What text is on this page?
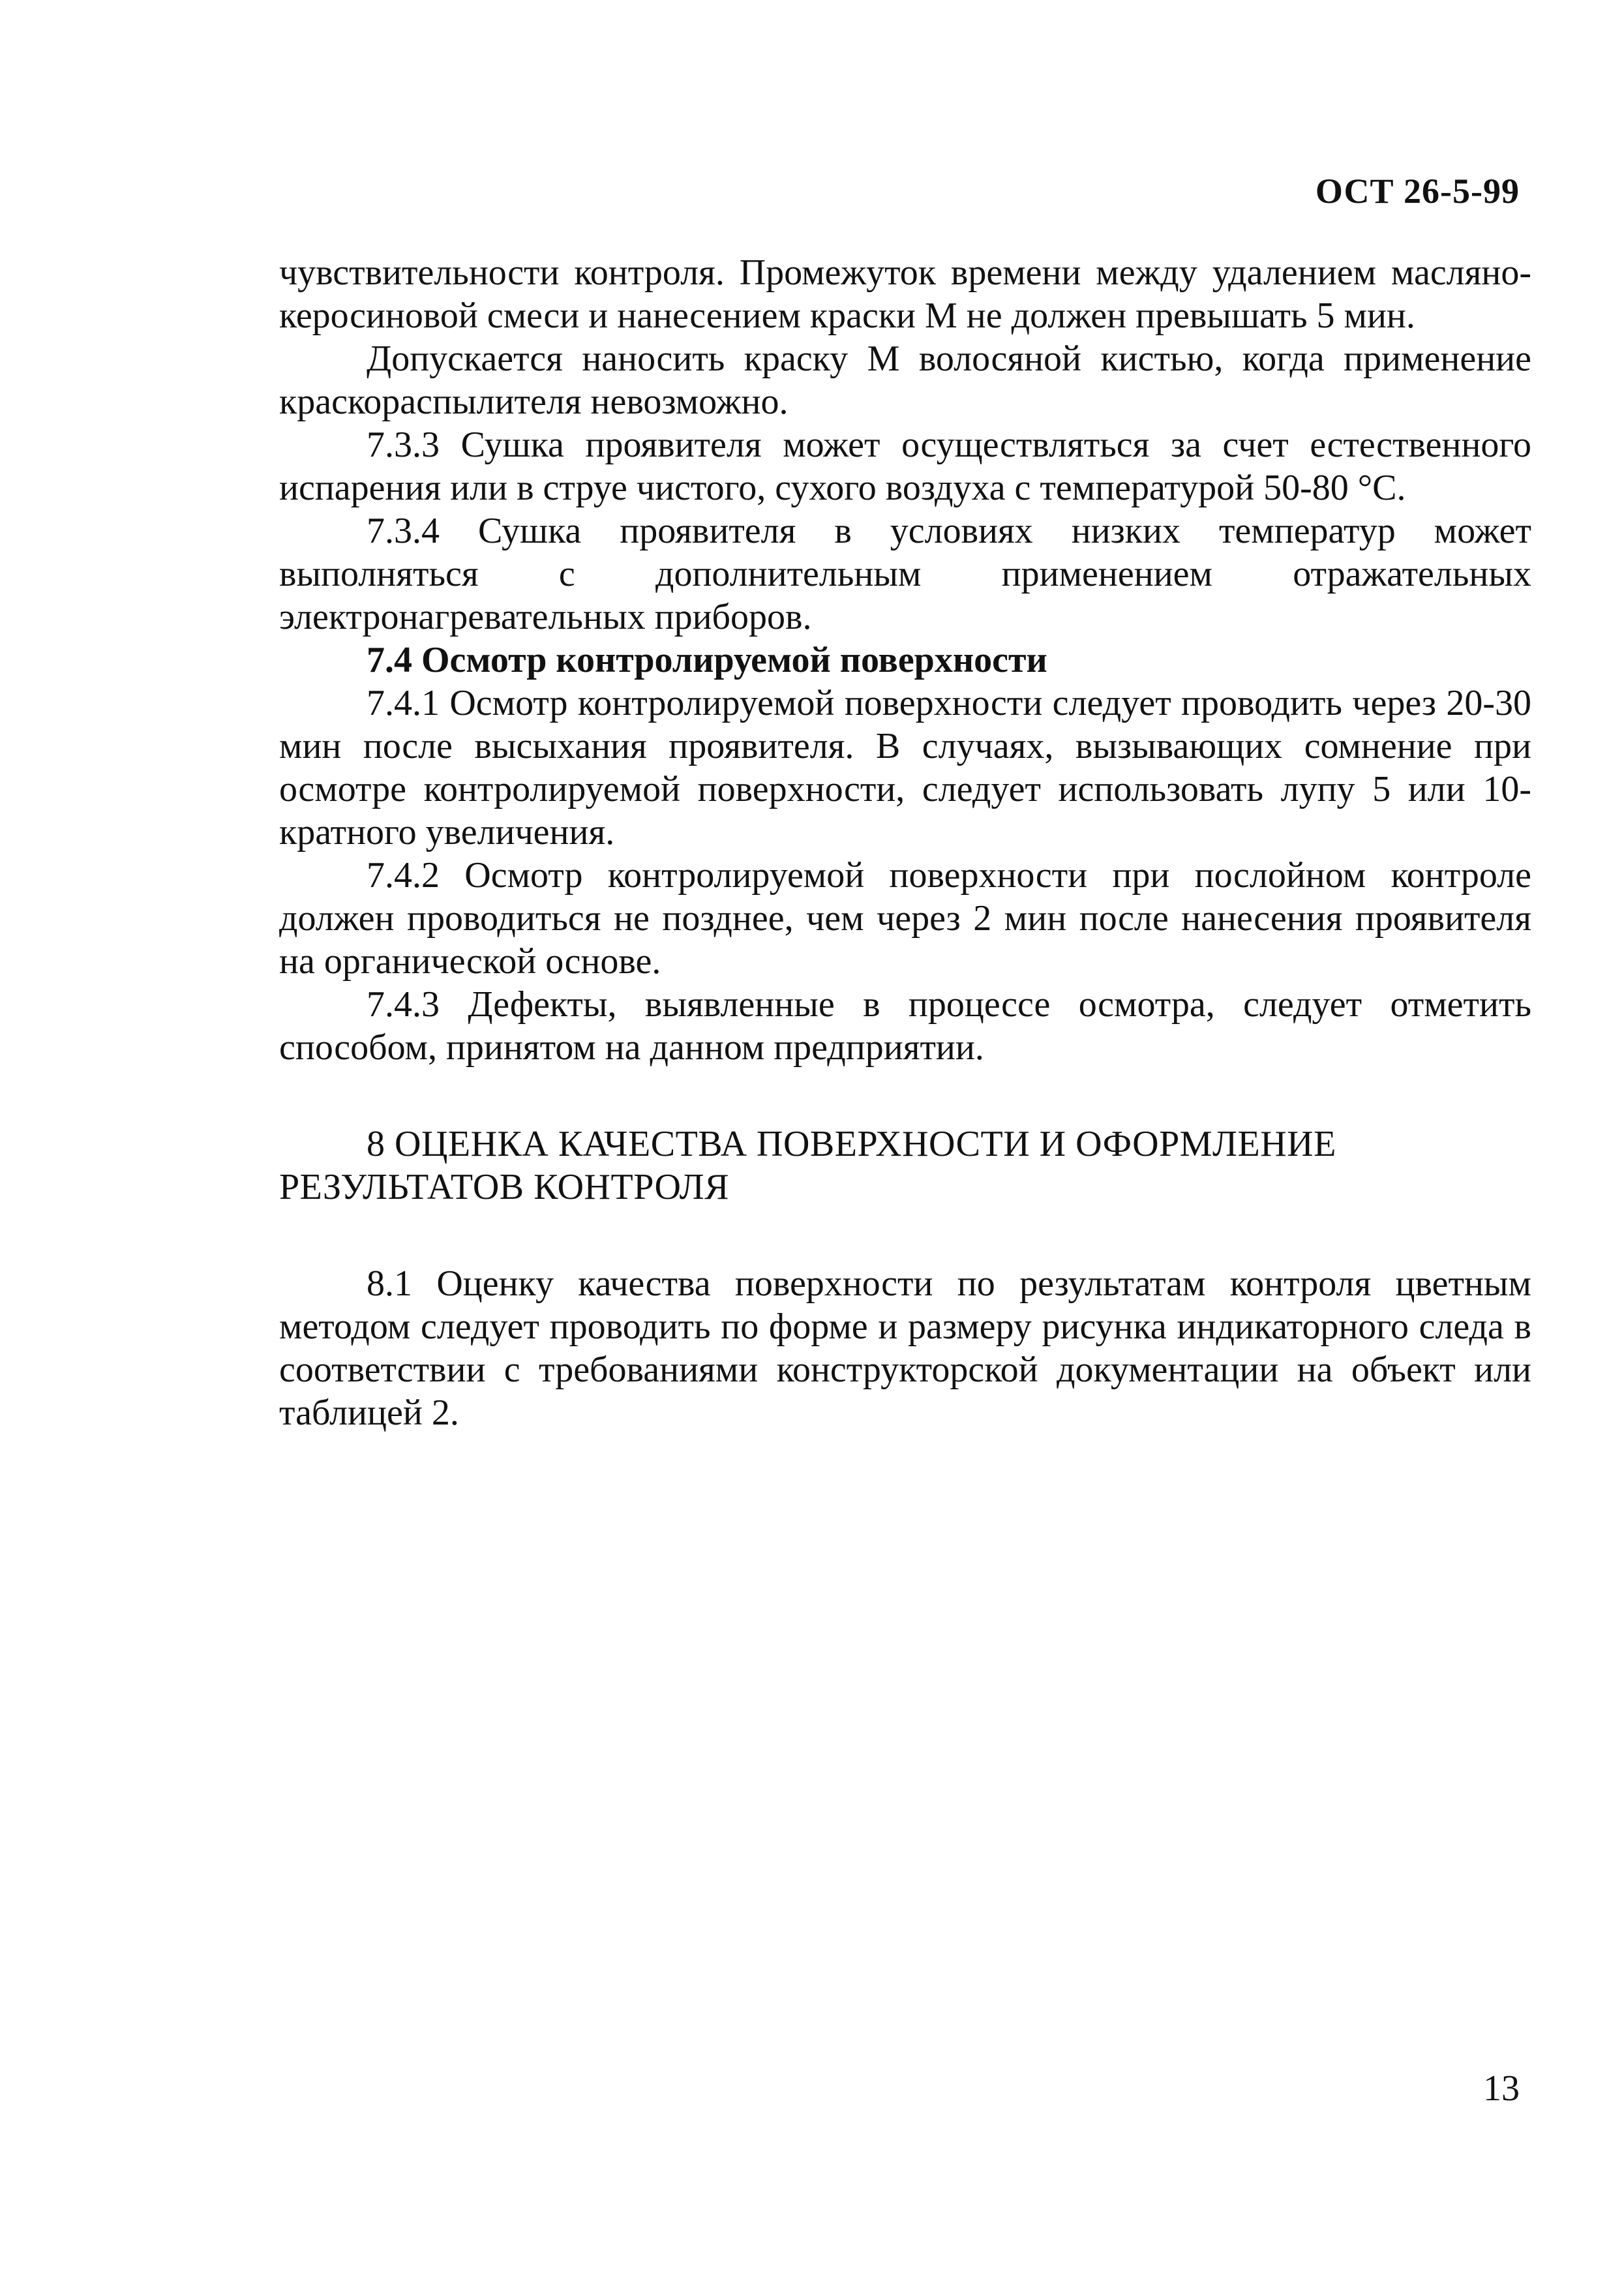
ОСТ 26-5-99

чувствительности контроля. Промежуток времени между удалением масляно-керосиновой смеси и нанесением краски М не должен превышать 5 мин.

Допускается наносить краску М волосяной кистью, когда применение краскораспылителя невозможно.

7.3.3 Сушка проявителя может осуществляться за счет естественного испарения или в струе чистого, сухого воздуха с температурой 50-80 °С.

7.3.4 Сушка проявителя в условиях низких температур может выполняться с дополнительным применением отражательных электронагревательных приборов.

7.4 Осмотр контролируемой поверхности

7.4.1 Осмотр контролируемой поверхности следует проводить через 20-30 мин после высыхания проявителя. В случаях, вызывающих сомнение при осмотре контролируемой поверхности, следует использовать лупу 5 или 10-кратного увеличения.

7.4.2 Осмотр контролируемой поверхности при послойном контроле должен проводиться не позднее, чем через 2 мин после нанесения проявителя на органической основе.

7.4.3 Дефекты, выявленные в процессе осмотра, следует отметить способом, принятом на данном предприятии.

8 ОЦЕНКА КАЧЕСТВА ПОВЕРХНОСТИ И ОФОРМЛЕНИЕ РЕЗУЛЬТАТОВ КОНТРОЛЯ

8.1 Оценку качества поверхности по результатам контроля цветным методом следует проводить по форме и размеру рисунка индикаторного следа в соответствии с требованиями конструкторской документации на объект или таблицей 2.

13
